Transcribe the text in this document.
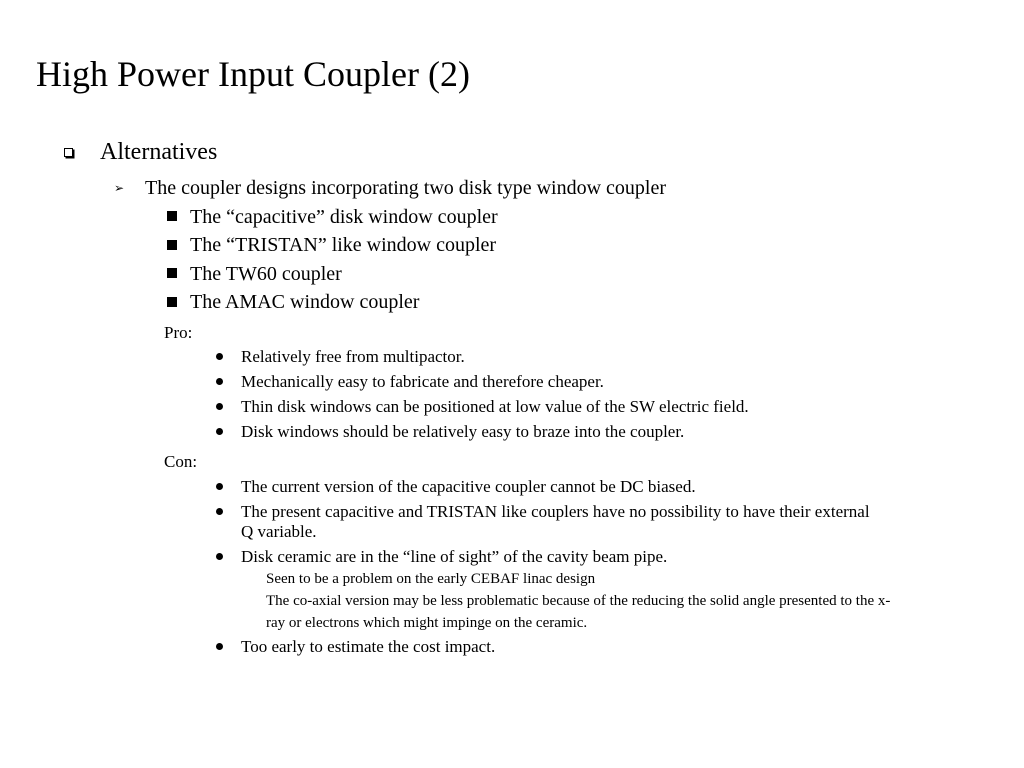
High Power Input Coupler (2)
Alternatives
➢ The coupler designs incorporating two disk type window coupler
The “capacitive” disk window coupler
The “TRISTAN” like window coupler
The TW60 coupler
The AMAC window coupler
Pro:
Relatively free from multipactor.
Mechanically easy to fabricate and therefore cheaper.
Thin disk windows can be positioned at low value of the SW electric field.
Disk windows should be relatively easy to braze into the coupler.
Con:
The current version of the capacitive coupler cannot be DC biased.
The present capacitive and TRISTAN like couplers have no possibility to have their external
Q variable.
Disk ceramic are in the “line of sight” of the cavity beam pipe.
Seen to be a problem on the early CEBAF linac design
The co-axial version may be less problematic because of the reducing the solid angle presented to the x-
ray or electrons which might impinge on the ceramic.
Too early to estimate the cost impact.
